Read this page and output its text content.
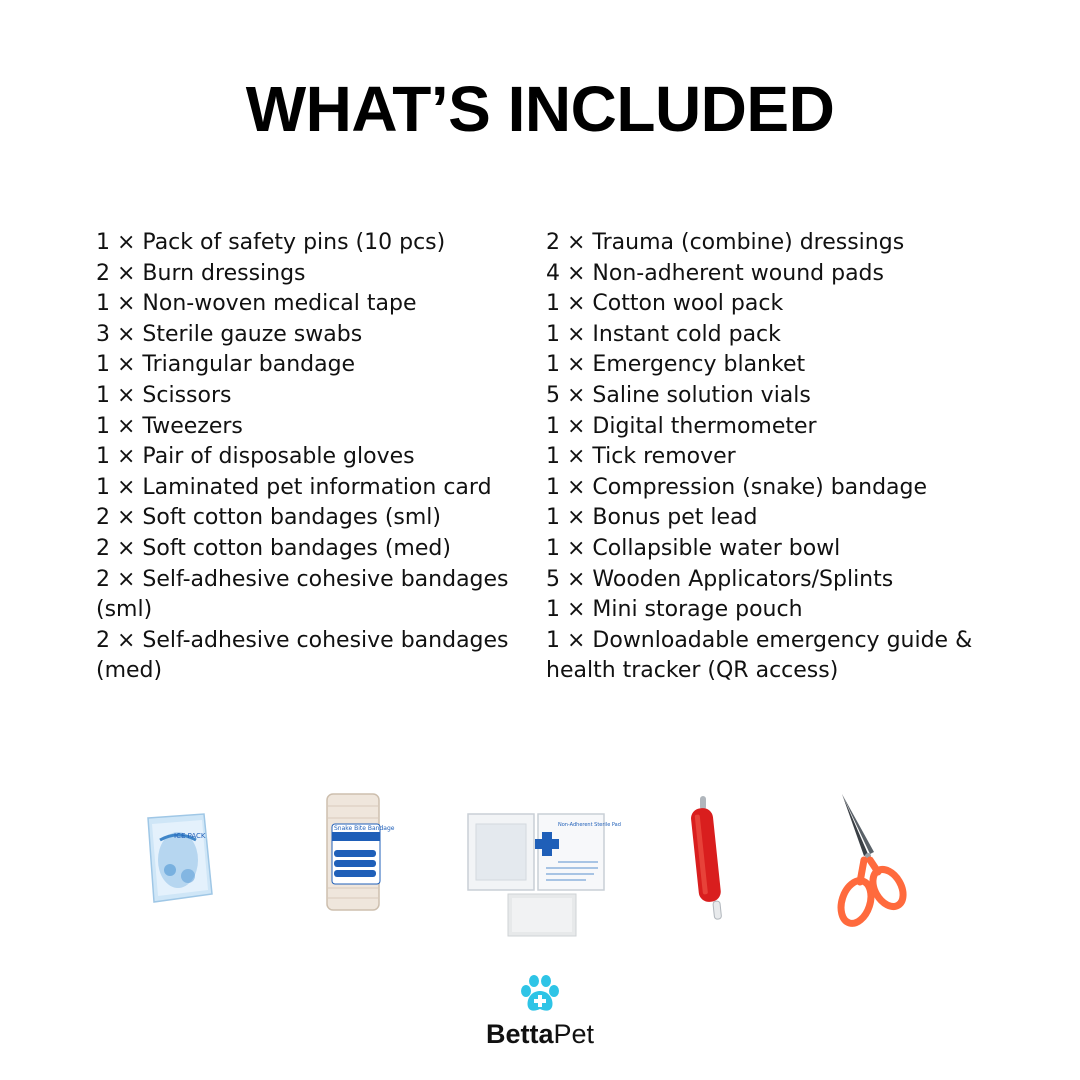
WHAT’S INCLUDED
1 × Pack of safety pins (10 pcs)
2 × Burn dressings
1 × Non-woven medical tape
3 × Sterile gauze swabs
1 × Triangular bandage
1 × Scissors
1 × Tweezers
1 × Pair of disposable gloves
1 × Laminated pet information card
2 × Soft cotton bandages (sml)
2 × Soft cotton bandages (med)
2 × Self-adhesive cohesive bandages (sml)
2 × Self-adhesive cohesive bandages (med)
2 × Trauma (combine) dressings
4 × Non-adherent wound pads
1 × Cotton wool pack
1 × Instant cold pack
1 × Emergency blanket
5 × Saline solution vials
1 × Digital thermometer
1 × Tick remover
1 × Compression (snake) bandage
1 × Bonus pet lead
1 × Collapsible water bowl
5 × Wooden Applicators/Splints
1 × Mini storage pouch
1 × Downloadable emergency guide & health tracker (QR access)
ICE PACK
Snake Bite Bandage	Non-Adherent Sterile Pad
BettaPet
